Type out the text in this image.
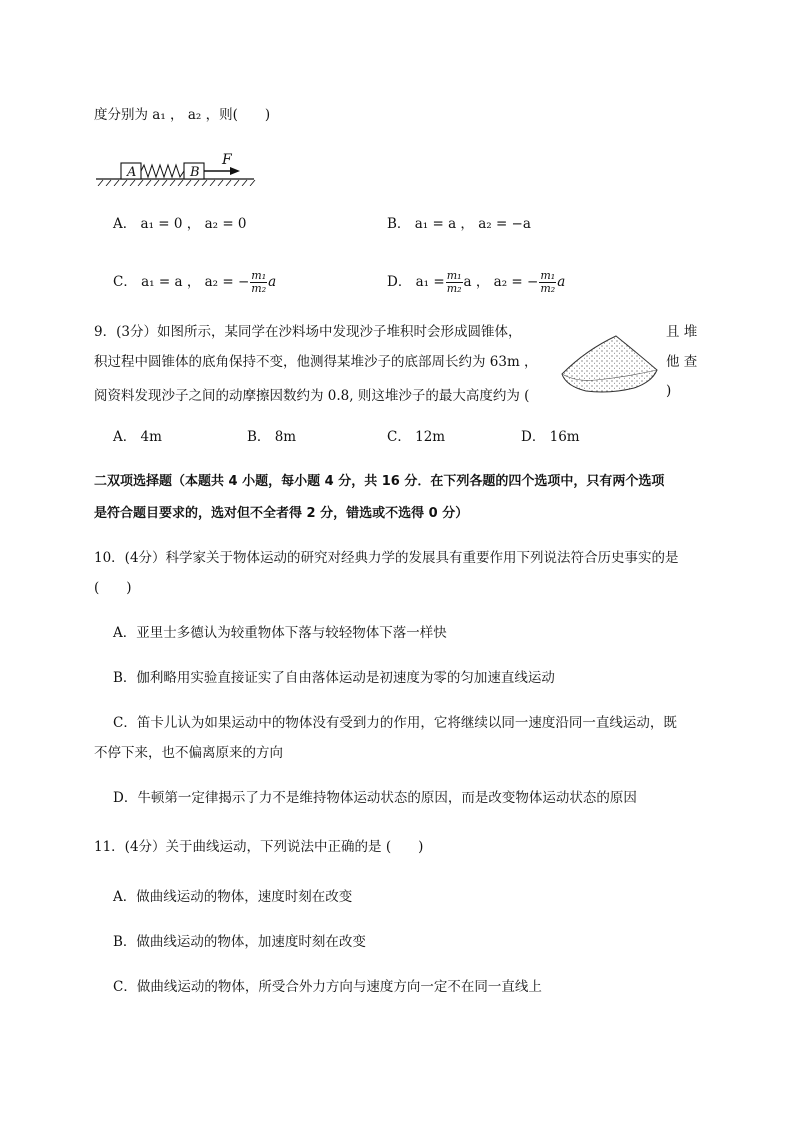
度分别为 a₁ ， a₂ ，则(　　)
A	B
F
A． a₁ = 0 ， a₂ = 0	B． a₁ = a ， a₂ = −a
C． a₁ = a ， a₂ = − $\frac{\text{m₁}}{\text{m₂}}$ a	D． $a_1 = \frac{\text{m₁}}{\text{m₂}}$ a ， a₂ = − $\frac{\text{m₁}}{\text{m₂}}$ a
9．(3分）如图所示，某同学在沙料场中发现沙子堆积时会形成圆锥体，	且 堆
积过程中圆锥体的底角保持不变，他测得某堆沙子的底部周长约为 63m ，	他 查
阅资料发现沙子之间的动摩擦因数约为 0.8, 则这堆沙子的最大高度约为 (	)
A． 4m	B． 8m	C． 12m	D． 16m
二双项选择题（本题共 4 小题，每小题 4 分，共 16 分．在下列各题的四个选项中，只有两个选项
是符合题目要求的，选对但不全者得 2 分，错选或不选得 0 分）
10．(4分）科学家关于物体运动的研究对经典力学的发展具有重要作用下列说法符合历史事实的是
(　　)
A．亚里士多德认为较重物体下落与较轻物体下落一样快
B．伽利略用实验直接证实了自由落体运动是初速度为零的匀加速直线运动
C．笛卡儿认为如果运动中的物体没有受到力的作用，它将继续以同一速度沿同一直线运动，既
不停下来，也不偏离原来的方向
D．牛顿第一定律揭示了力不是维持物体运动状态的原因，而是改变物体运动状态的原因
11．(4分）关于曲线运动，下列说法中正确的是 (　　)
A．做曲线运动的物体，速度时刻在改变
B．做曲线运动的物体，加速度时刻在改变
C．做曲线运动的物体，所受合外力方向与速度方向一定不在同一直线上
